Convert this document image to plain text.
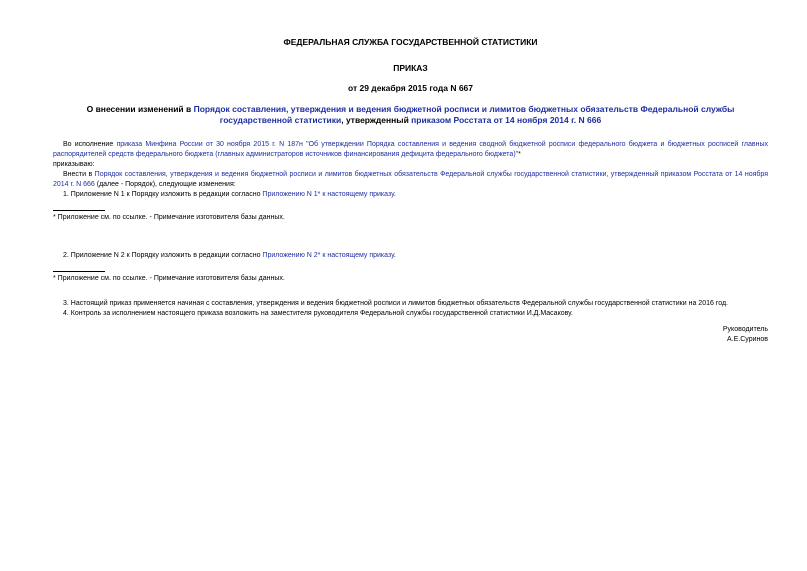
ФЕДЕРАЛЬНАЯ СЛУЖБА ГОСУДАРСТВЕННОЙ СТАТИСТИКИ
ПРИКАЗ
от 29 декабря 2015 года N 667
О внесении изменений в Порядок составления, утверждения и ведения бюджетной росписи и лимитов бюджетных обязательств Федеральной службы государственной статистики, утвержденный приказом Росстата от 14 ноября 2014 г. N 666
Во исполнение приказа Минфина России от 30 ноября 2015 г. N 187н "Об утверждении Порядка составления и ведения сводной бюджетной росписи федерального бюджета и бюджетных росписей главных распорядителей средств федерального бюджета (главных администраторов источников финансирования дефицита федерального бюджета)"*
приказываю:
Внести в Порядок составления, утверждения и ведения бюджетной росписи и лимитов бюджетных обязательств Федеральной службы государственной статистики, утвержденный приказом Росстата от 14 ноября 2014 г. N 666 (далее - Порядок), следующие изменения:
1. Приложение N 1 к Порядку изложить в редакции согласно Приложению N 1* к настоящему приказу.
* Приложение см. по ссылке. - Примечание изготовителя базы данных.
2. Приложение N 2 к Порядку изложить в редакции согласно Приложению N 2* к настоящему приказу.
* Приложение см. по ссылке. - Примечание изготовителя базы данных.
3. Настоящий приказ применяется начиная с составления, утверждения и ведения бюджетной росписи и лимитов бюджетных обязательств Федеральной службы государственной статистики на 2016 год.
4. Контроль за исполнением настоящего приказа возложить на заместителя руководителя Федеральной службы государственной статистики И.Д.Масакову.
Руководитель
А.Е.Суринов
